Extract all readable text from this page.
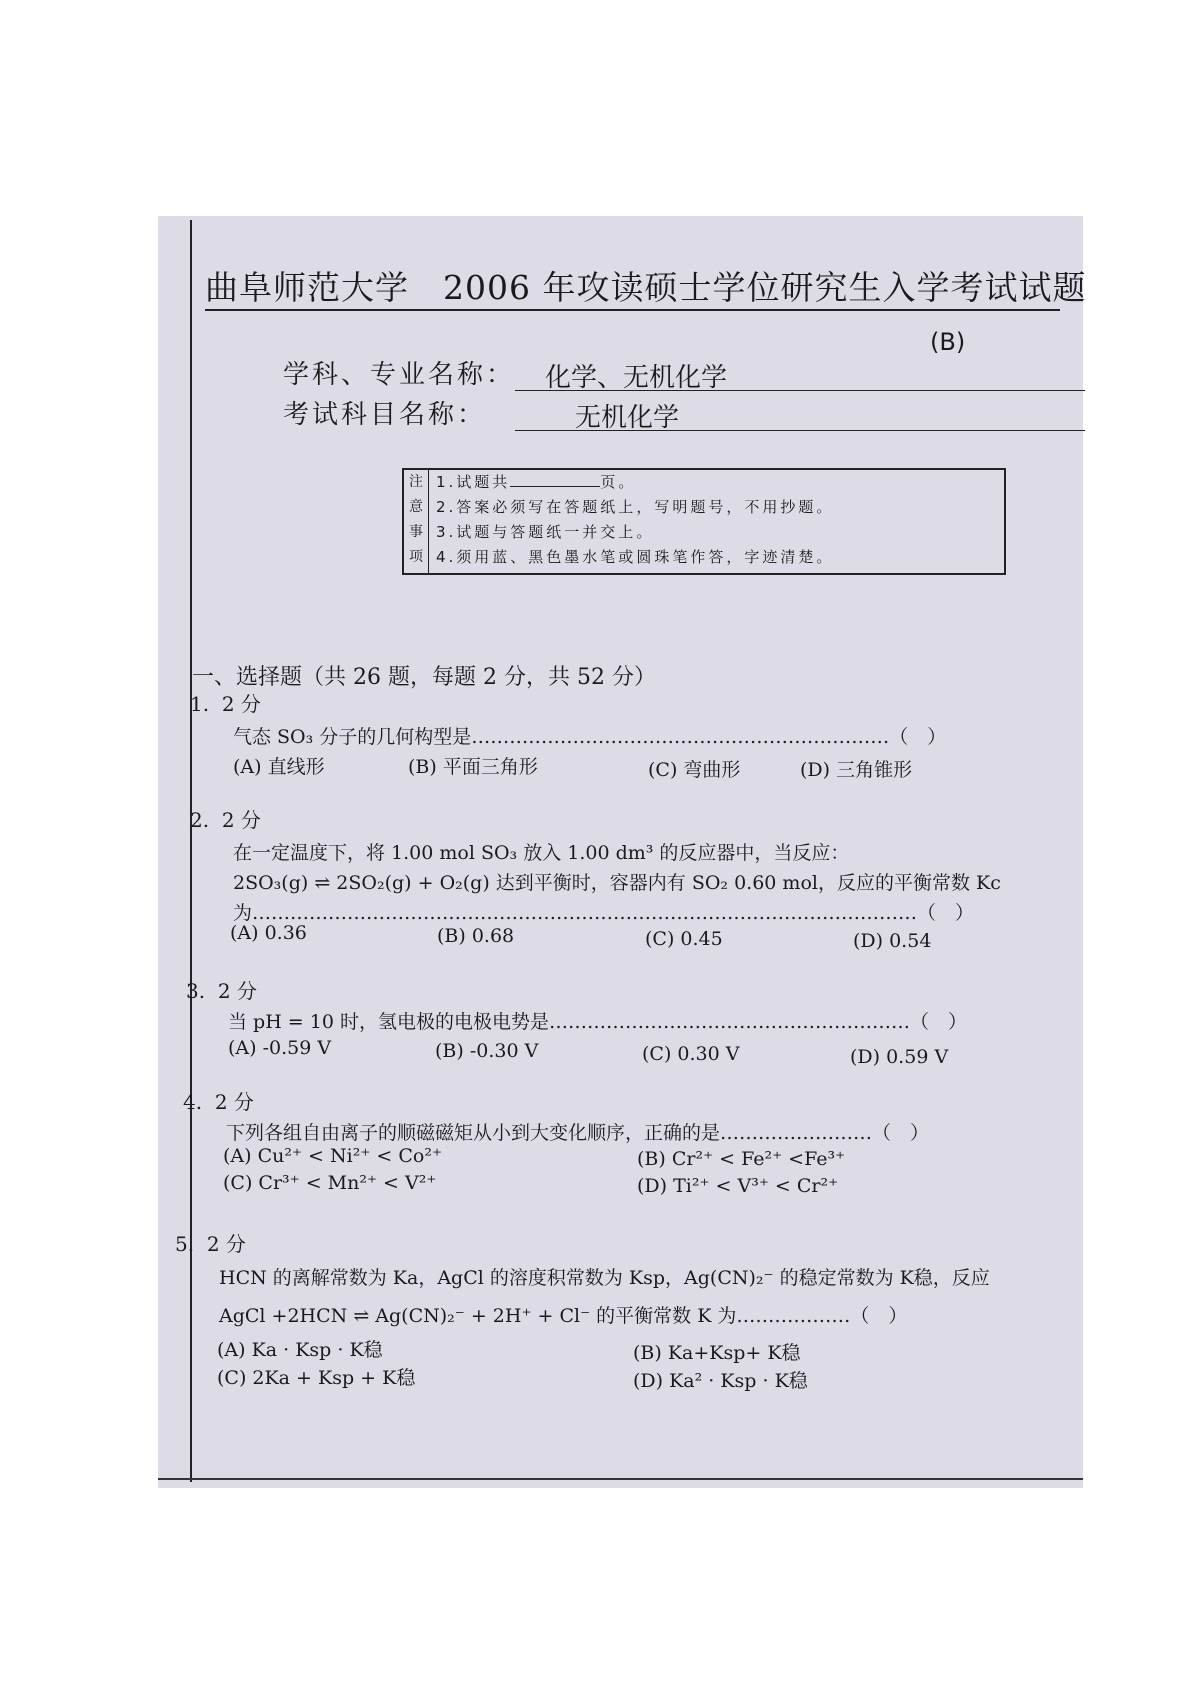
曲阜师范大学　2006 年攻读硕士学位研究生入学考试试题
(B)
学科、专业名称： 化学、无机化学
考试科目名称：	无机化学
注
意
事
项
1.试题共	页。
2.答案必须写在答题纸上，写明题号，不用抄题。
3.试题与答题纸一并交上。
4.须用蓝、黑色墨水笔或圆珠笔作答，字迹清楚。
一、选择题（共 26 题，每题 2 分，共 52 分）
1. 2 分
气态 SO₃ 分子的几何构型是…………………………………………………………（　）
(A) 直线形	(B) 平面三角形	(C) 弯曲形	(D) 三角锥形
2. 2 分
在一定温度下，将 1.00 mol SO₃ 放入 1.00 dm³ 的反应器中，当反应：
2SO₃(g) ⇌ 2SO₂(g) + O₂(g) 达到平衡时，容器内有 SO₂ 0.60 mol，反应的平衡常数 Kc
为……………………………………………………………………………………………（　）
(A) 0.36	(B) 0.68	(C) 0.45	(D) 0.54
3. 2 分
当 pH = 10 时，氢电极的电极电势是…………………………………………………（　）
(A) -0.59 V	(B) -0.30 V	(C) 0.30 V	(D) 0.59 V
4. 2 分
下列各组自由离子的顺磁磁矩从小到大变化顺序，正确的是……………………（　）
(A) Cu²⁺ < Ni²⁺ < Co²⁺	(B) Cr²⁺ < Fe²⁺ <Fe³⁺
(C) Cr³⁺ < Mn²⁺ < V²⁺	(D) Ti²⁺ < V³⁺ < Cr²⁺
5. 2 分
HCN 的离解常数为 Ka，AgCl 的溶度积常数为 Ksp，Ag(CN)₂⁻ 的稳定常数为 K稳，反应
AgCl +2HCN ⇌ Ag(CN)₂⁻ + 2H⁺ + Cl⁻ 的平衡常数 K 为………………（　）
(A) Ka · Ksp · K稳	(B) Ka+Ksp+ K稳
(C) 2Ka + Ksp + K稳	(D) Ka² · Ksp · K稳
